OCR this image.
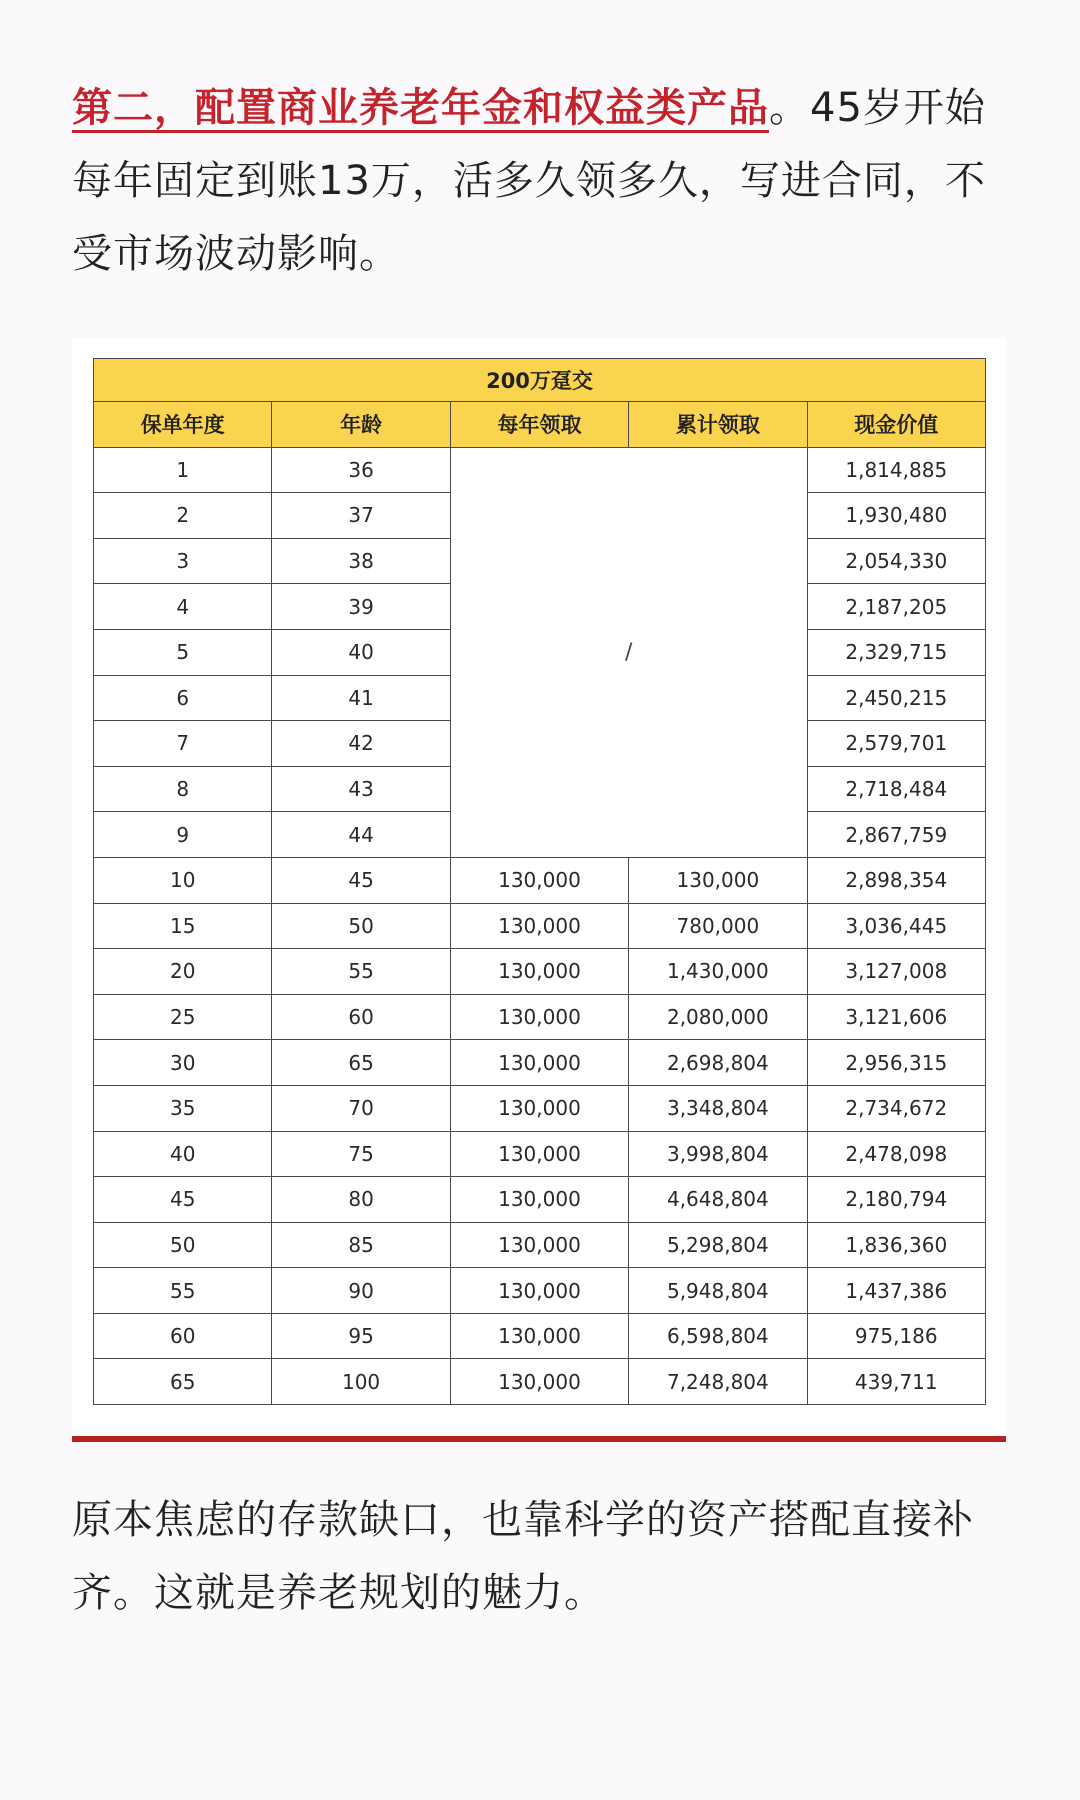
第二，配置商业养老年金和权益类产品。45岁开始每年固定到账13万，活多久领多久，写进合同，不受市场波动影响。

200万趸交				
保单年度	年龄	每年领取	累计领取	现金价值
1	36	/		1,814,885
2	37			1,930,480
3	38			2,054,330
4	39			2,187,205
5	40			2,329,715
6	41			2,450,215
7	42			2,579,701
8	43			2,718,484
9	44			2,867,759
10	45	130,000	130,000	2,898,354
15	50	130,000	780,000	3,036,445
20	55	130,000	1,430,000	3,127,008
25	60	130,000	2,080,000	3,121,606
30	65	130,000	2,698,804	2,956,315
35	70	130,000	3,348,804	2,734,672
40	75	130,000	3,998,804	2,478,098
45	80	130,000	4,648,804	2,180,794
50	85	130,000	5,298,804	1,836,360
55	90	130,000	5,948,804	1,437,386
60	95	130,000	6,598,804	975,186
65	100	130,000	7,248,804	439,711

原本焦虑的存款缺口，也靠科学的资产搭配直接补齐。这就是养老规划的魅力。
